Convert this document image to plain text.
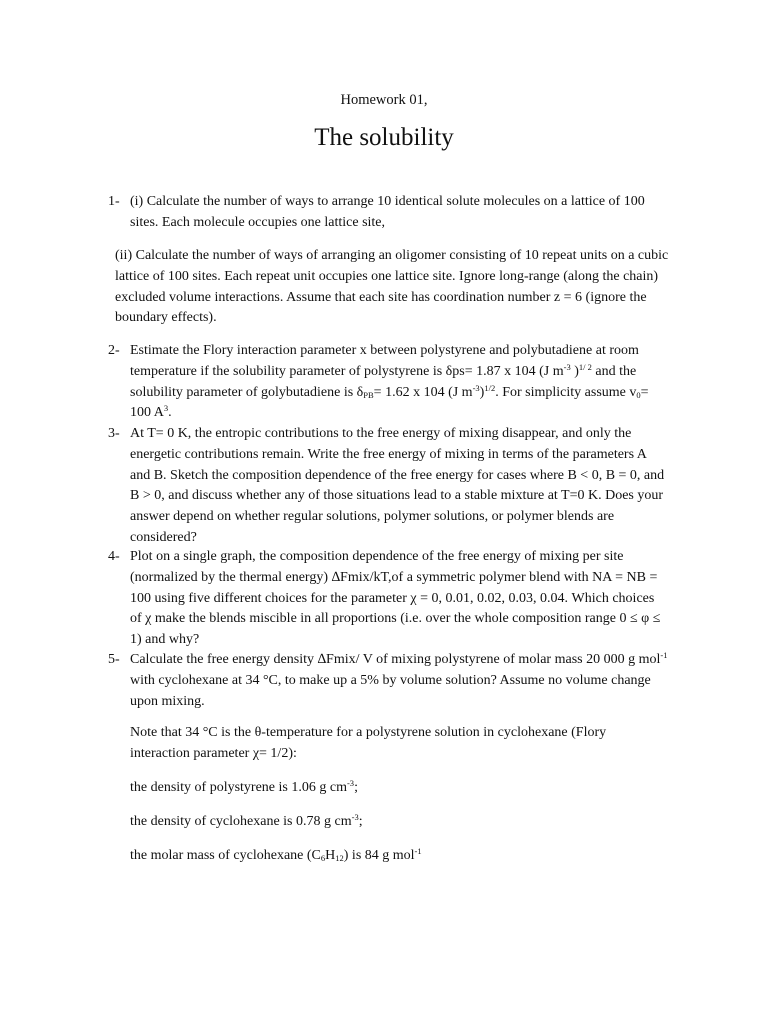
Homework 01,
The solubility
1- (i) Calculate the number of ways to arrange 10 identical solute molecules on a lattice of 100 sites. Each molecule occupies one lattice site,
(ii) Calculate the number of ways of arranging an oligomer consisting of 10 repeat units on a cubic lattice of 100 sites. Each repeat unit occupies one lattice site. Ignore long-range (along the chain) excluded volume interactions. Assume that each site has coordination number z = 6 (ignore the boundary effects).
2- Estimate the Flory interaction parameter x between polystyrene and polybutadiene at room temperature if the solubility parameter of polystyrene is δps= 1.87 x 104 (J $m^{-3}$ )$^{1/ 2}$ and the solubility parameter of golybutadiene is $\delta_{PB}= 1.62$ x 104 (J $m^{-3})^{1/2}$. For simplicity assume $v_0= 100$ $A^3$.
3- At T= 0 K, the entropic contributions to the free energy of mixing disappear, and only the energetic contributions remain. Write the free energy of mixing in terms of the parameters A and B. Sketch the composition dependence of the free energy for cases where B < 0, B = 0, and B > 0, and discuss whether any of those situations lead to a stable mixture at T=0 K. Does your answer depend on whether regular solutions, polymer solutions, or polymer blends are considered?
4- Plot on a single graph, the composition dependence of the free energy of mixing per site (normalized by the thermal energy) ∆Fmix/kT,of a symmetric polymer blend with NA = NB = 100 using five different choices for the parameter χ = 0, 0.01, 0.02, 0.03, 0.04. Which choices of χ make the blends miscible in all proportions (i.e. over the whole composition range 0 ≤ φ ≤ 1) and why?
5- Calculate the free energy density ∆Fmix/ V of mixing polystyrene of molar mass 20 000 g mol$^{-1}$ with cyclohexane at 34 °C, to make up a 5% by volume solution? Assume no volume change upon mixing.
Note that 34 °C is the θ-temperature for a polystyrene solution in cyclohexane (Flory interaction parameter χ= 1/2):
the density of polystyrene is 1.06 g $cm^{-3}$;
the density of cyclohexane is 0.78 g $cm^{-3}$;
the molar mass of cyclohexane $(C_6H_{12})$ is 84 g mol$^{-1}$
